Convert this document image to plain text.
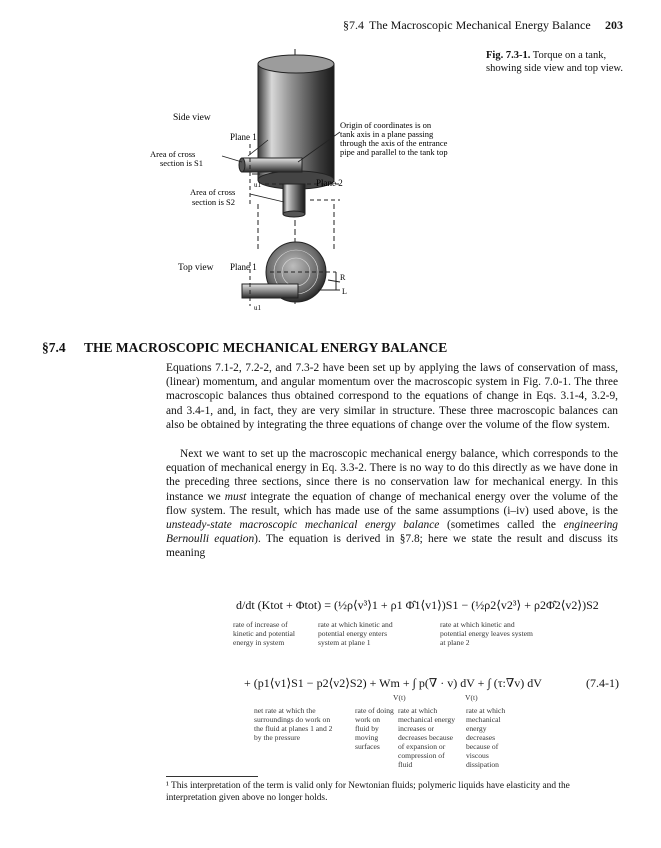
§7.4 The Macroscopic Mechanical Energy Balance 203
Fig. 7.3-1. Torque on a tank, showing side view and top view.
Side view
Plane 1
Area of cross
section is S1
u1	Plane 2
Area of cross
section is S2
Origin of coordinates is on
tank axis in a plane passing
through the axis of the entrance
pipe and parallel to the tank top
Top view Plane 1
u1
R
L
§7.4 THE MACROSCOPIC MECHANICAL ENERGY BALANCE

Equations 7.1-2, 7.2-2, and 7.3-2 have been set up by applying the laws of conservation of mass, (linear) momentum, and angular momentum over the macroscopic system in Fig. 7.0-1. The three macroscopic balances thus obtained correspond to the equations of change in Eqs. 3.1-4, 3.2-9, and 3.4-1, and, in fact, they are very similar in structure. These three macroscopic balances can also be obtained by integrating the three equations of change over the volume of the flow system.

Next we want to set up the macroscopic mechanical energy balance, which corresponds to the equation of mechanical energy in Eq. 3.3-2. There is no way to do this directly as we have done in the preceding three sections, since there is no conservation law for mechanical energy. In this instance we must integrate the equation of change of mechanical energy over the volume of the flow system. The result, which has made use of the same assumptions (i–iv) used above, is the unsteady-state macroscopic mechanical energy balance (sometimes called the engineering Bernoulli equation). The equation is derived in §7.8; here we state the result and discuss its meaning
d/dt (Ktot + Φtot) = (½ρ⟨v³⟩1 + ρ1 Φ̂1⟨v1⟩)S1 − (½ρ2⟨v2³⟩ + ρ2Φ̂2⟨v2⟩)S2
rate of increase of kinetic and potential energy in system
rate at which kinetic and potential energy enters system at plane 1
rate at which kinetic and potential energy leaves system at plane 2
+ (p1⟨v1⟩S1 − p2⟨v2⟩S2) + Wm + ∫ p(∇ · v) dV + ∫ (τ:∇v) dV	(7.4-1)
V(t)	V(t)
net rate at which the surroundings do work on the fluid at planes 1 and 2 by the pressure
rate of doing work on fluid by moving surfaces
rate at which mechanical energy increases or decreases because of expansion or compression of fluid
rate at which mechanical energy decreases because of viscous dissipation
¹ This interpretation of the term is valid only for Newtonian fluids; polymeric liquids have elasticity and the interpretation given above no longer holds.
